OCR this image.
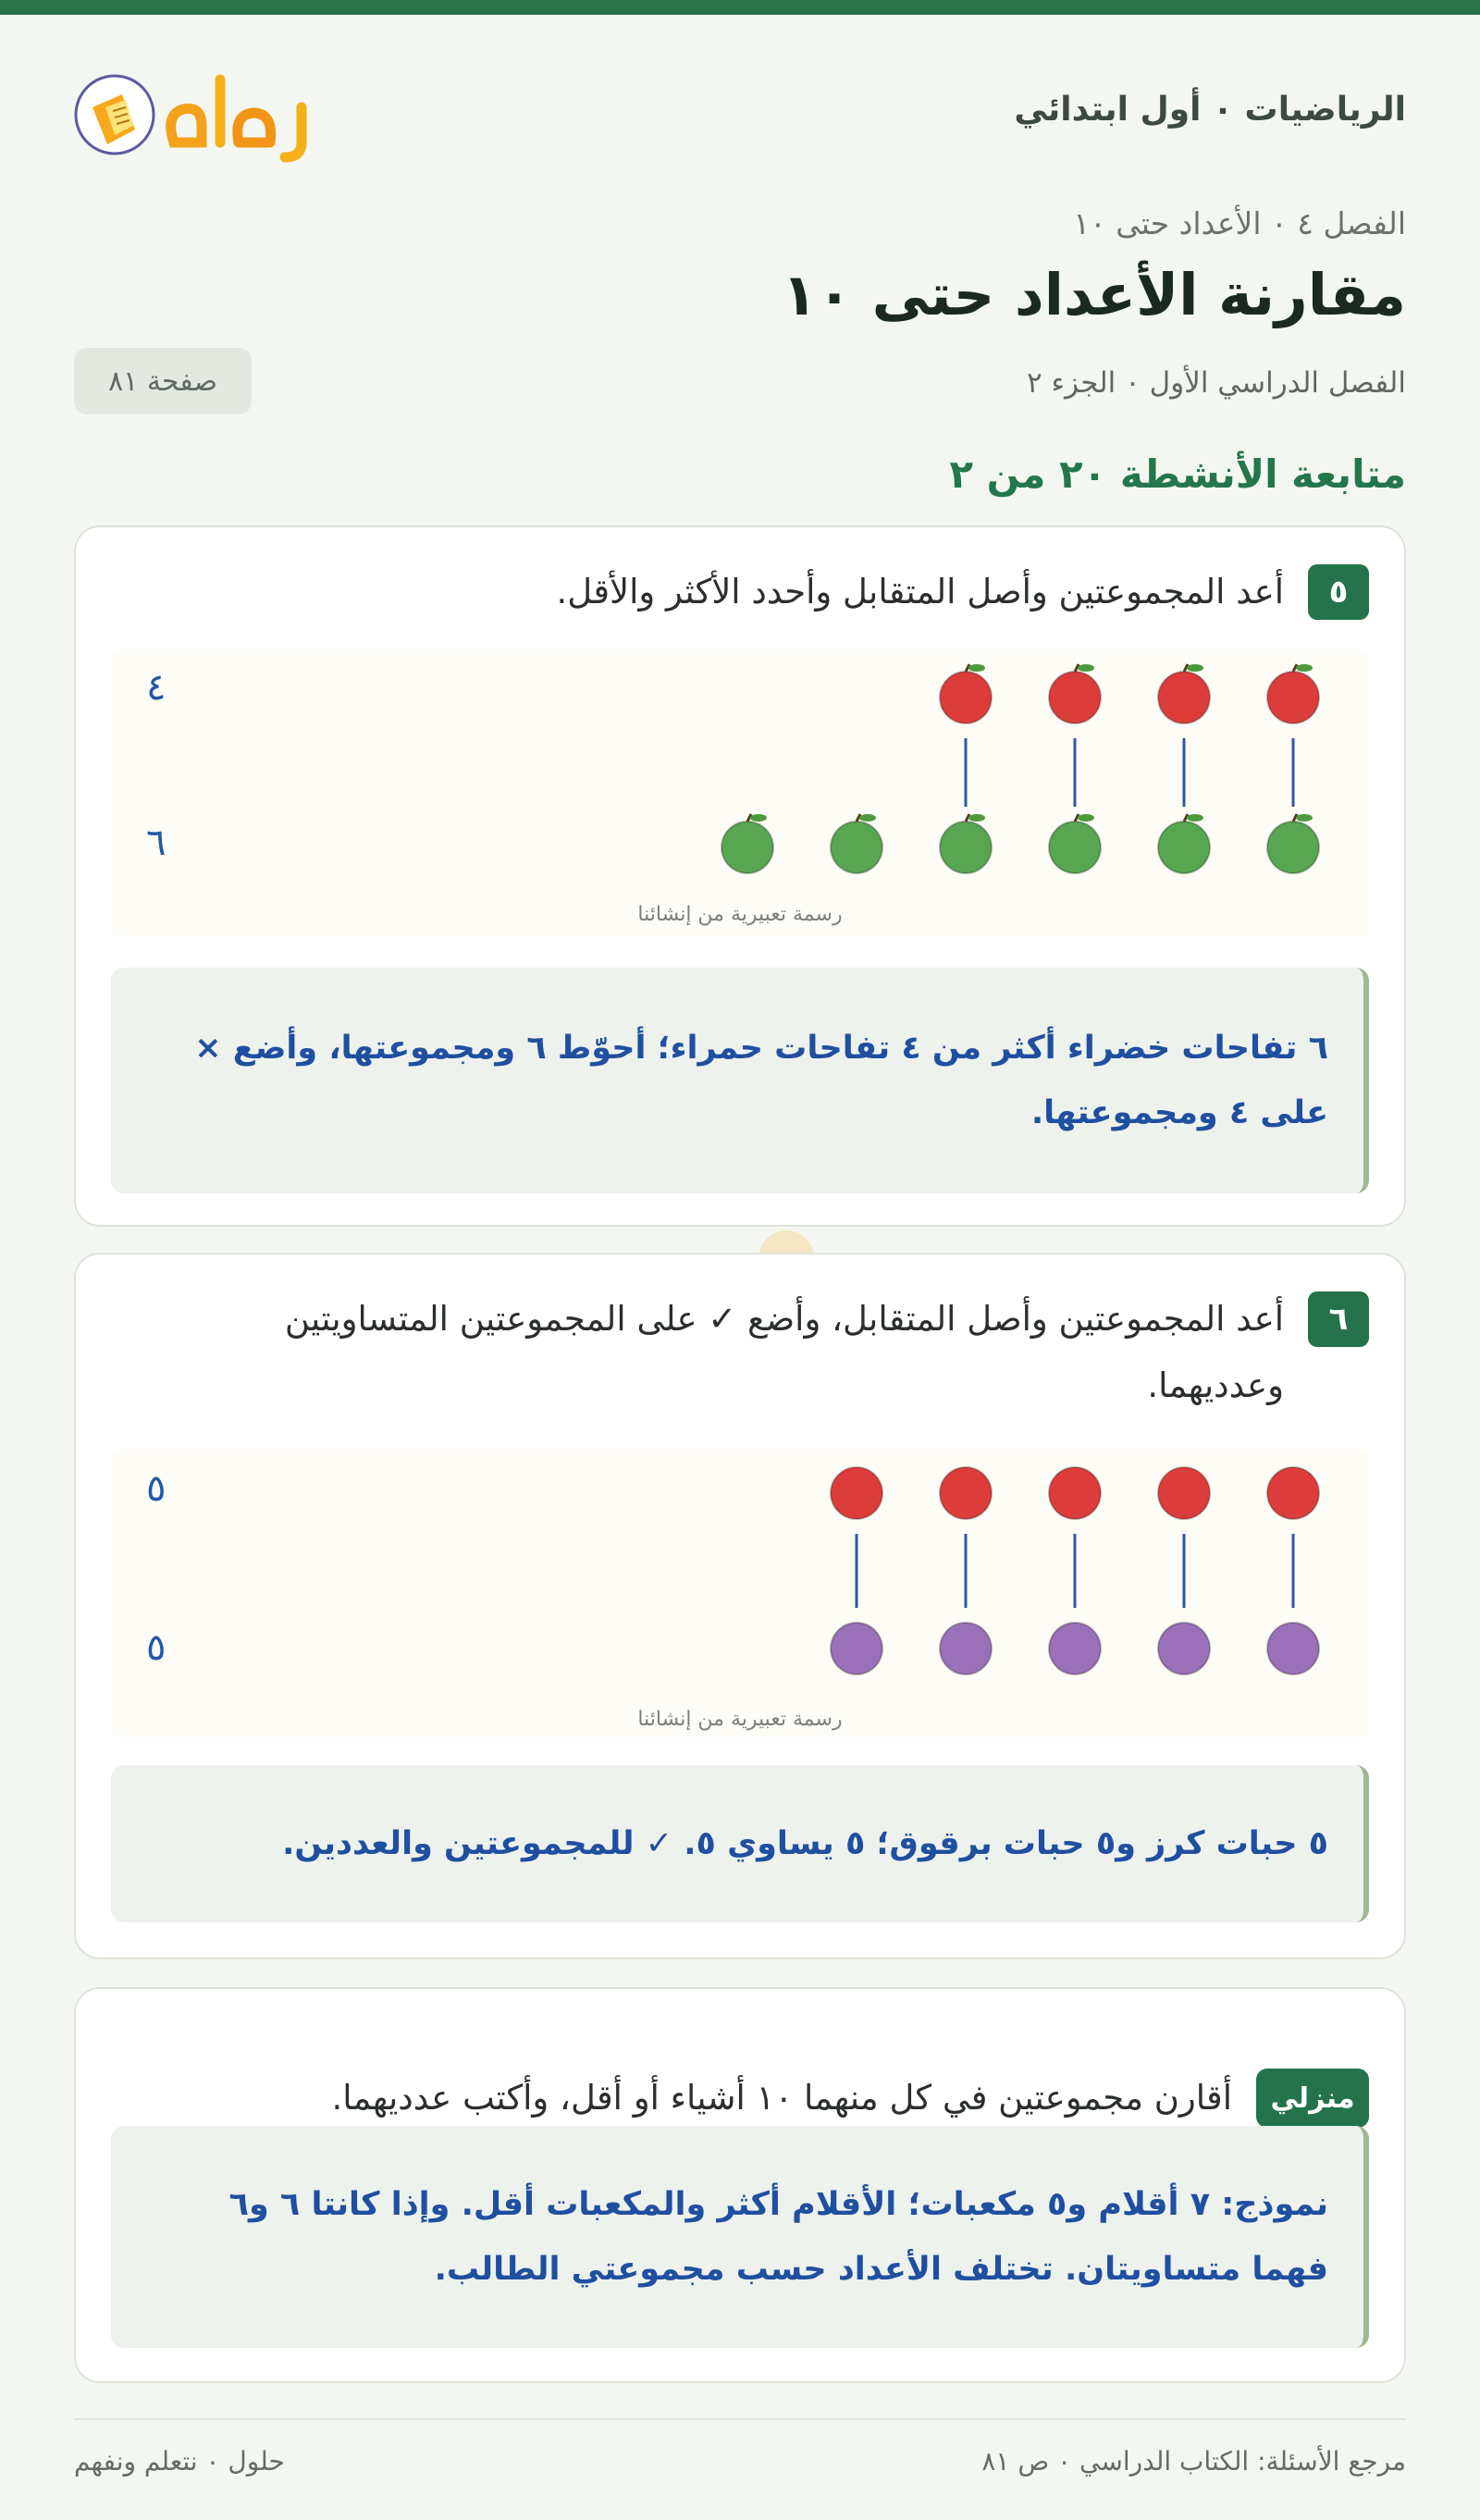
الرياضيات ٠ أول ابتدائي
الفصل ٤ ٠ الأعداد حتى ١٠
مقارنة الأعداد حتى ١٠
الفصل الدراسي الأول ٠ الجزء ٢
صفحة ٨١
متابعة الأنشطة ٢٠ من ٢
٥
أعد المجموعتين وأصل المتقابل وأحدد الأكثر والأقل.
٤
٦
رسمة تعبيرية من إنشائنا
٦ تفاحات خضراء أكثر من ٤ تفاحات حمراء؛ أحوّط ٦ ومجموعتها، وأضع × على ٤ ومجموعتها.
٦
أعد المجموعتين وأصل المتقابل، وأضع ✓ على المجموعتين المتساويتين وعدديهما.
٥
٥
رسمة تعبيرية من إنشائنا
٥ حبات كرز و٥ حبات برقوق؛ ٥ يساوي ٥. ✓ للمجموعتين والعددين.
منزلي
أقارن مجموعتين في كل منهما ١٠ أشياء أو أقل، وأكتب عدديهما.
نموذج: ٧ أقلام و٥ مكعبات؛ الأقلام أكثر والمكعبات أقل. وإذا كانتا ٦ و٦ فهما متساويتان. تختلف الأعداد حسب مجموعتي الطالب.
مرجع الأسئلة: الكتاب الدراسي ٠ ص ٨١
حلول ٠ نتعلم ونفهم
